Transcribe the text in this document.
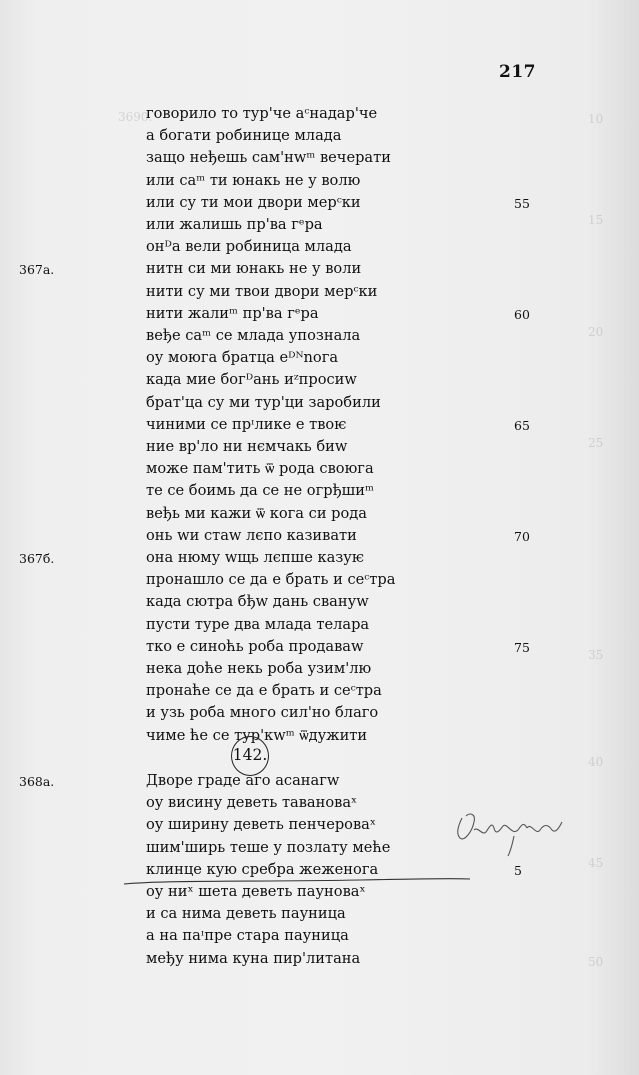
3690.	10
15
20
25
35
40
45
50
217
говорило то тур'че аᶜнадар'че
а богати робинице млада
защо неђешь сам'нwᵐ вечерати
или саᵐ ти юнакь не у волю
или су ти мои двори мерᶜки	55
или жалишь пр'ва гᵉра
онᴰа вели робиница млада
нитн си ми юнакь не у воли
367а.
нити су ми твои двори мерᶜки
нити жалиᵐ пр'ва гᵉра	60
веђе саᵐ се млада упознала
оу моюга братца еᴰᴺnога
када мие богᴰань иᶻпросиw
брат'ца су ми тур'ци заробили
чиними се прᶦлике е твоѥ	65
ние вр'ло ни нємчакь биw
може пам'тить ѿ рода своюга
те се боимь да се не огрђшиᵐ
веђь ми кажи ѿ кога си рода
онь wи стаw лєпо казивати	70
она нюму wщь лєпше казуѥ
367б.
пронашло се да е брать и сеᶜтра
када сютра бђw дань свануw
пусти туре два млада телара
тко е синоћь роба продаваw	75
нека доће некь роба узим'лю
пронаће се да е брать и сеᶜтра
и узь роба много сил'но благо
чиме ће се тур'кwᵐ ѿдужити
142.
Дворе граде аго асанагw
368а.
оу висину деветь тавановаˣ
оу ширину деветь пенчероваˣ
шим'ширь теше у позлату меће
клинце кую сребра жеженога	5
оу ниˣ шета деветь пауноваˣ
и са нима деветь пауница
а на паᶦпре стара пауница
међу нима куна пир'литана
